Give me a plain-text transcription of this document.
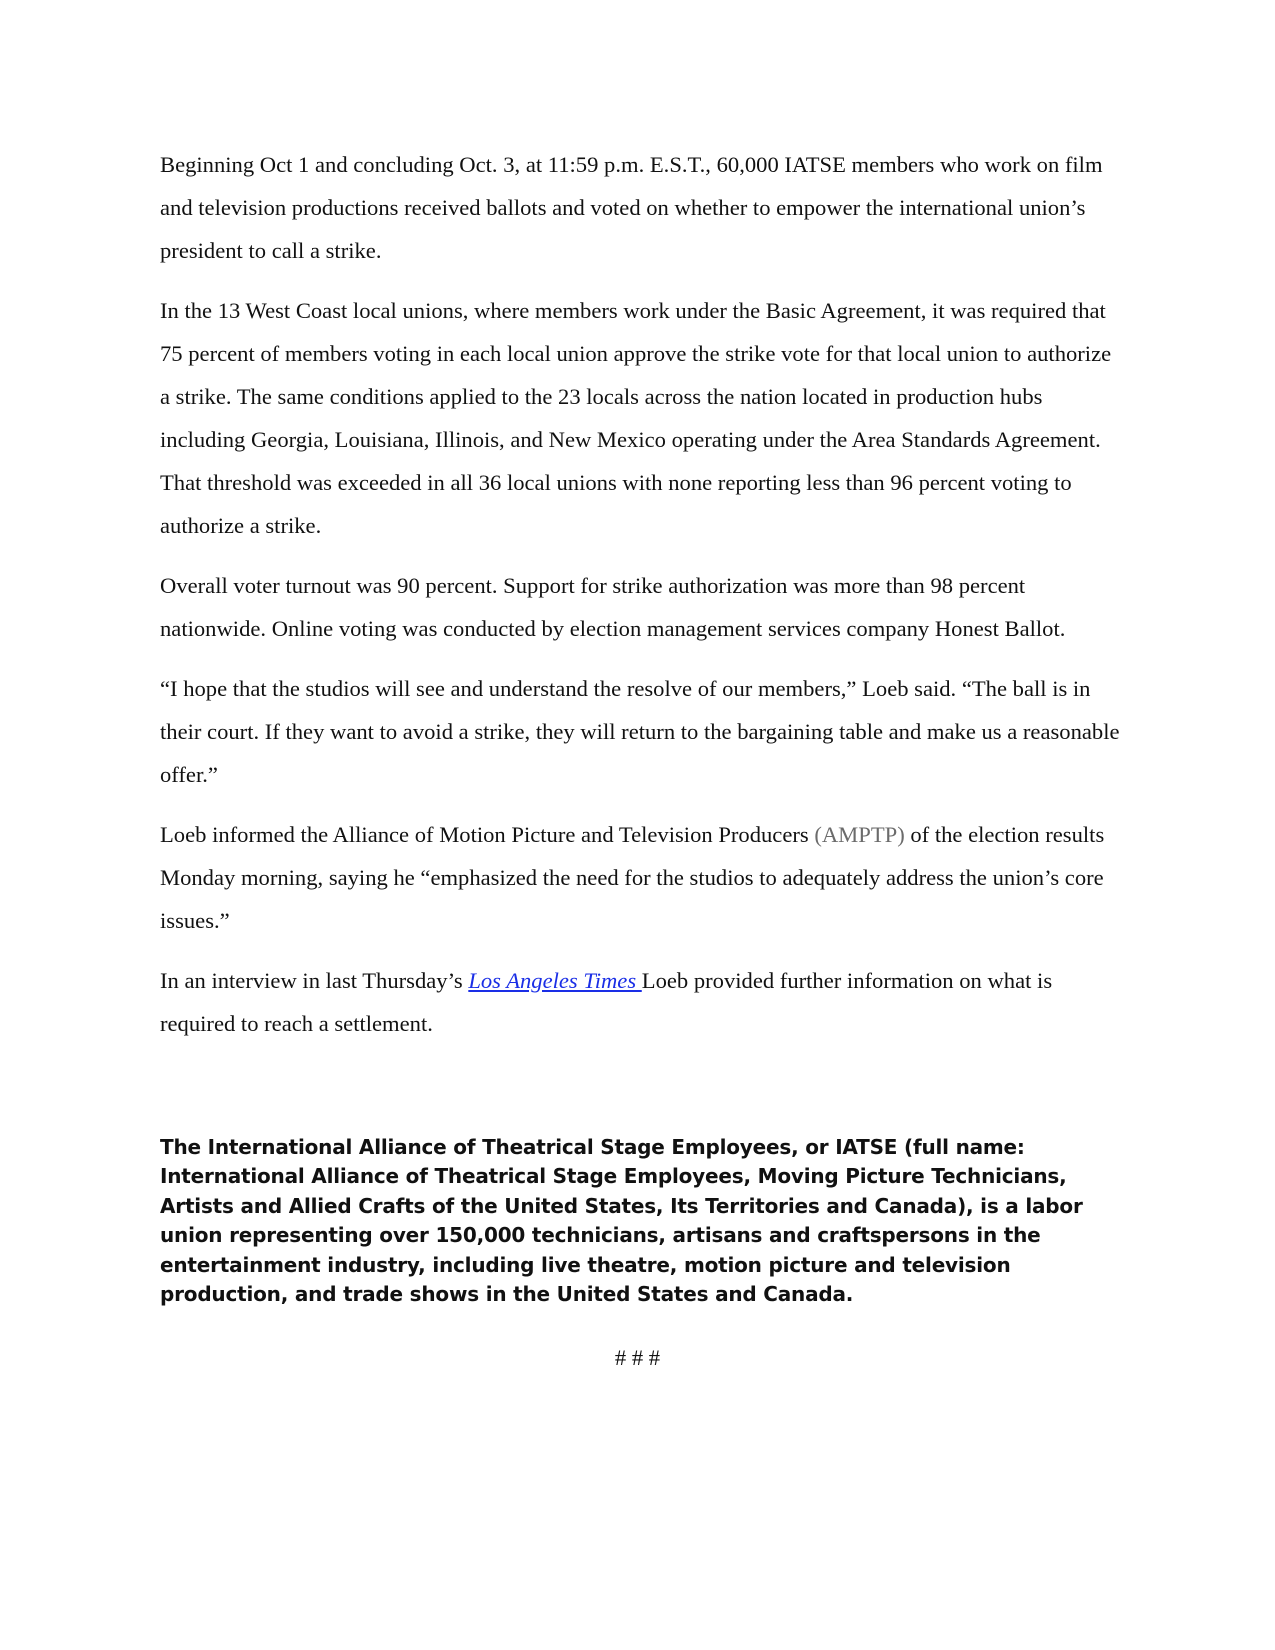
Beginning Oct 1 and concluding Oct. 3, at 11:59 p.m. E.S.T., 60,000 IATSE members who work on film and television productions received ballots and voted on whether to empower the international union’s president to call a strike.

In the 13 West Coast local unions, where members work under the Basic Agreement, it was required that 75 percent of members voting in each local union approve the strike vote for that local union to authorize a strike. The same conditions applied to the 23 locals across the nation located in production hubs including Georgia, Louisiana, Illinois, and New Mexico operating under the Area Standards Agreement. That threshold was exceeded in all 36 local unions with none reporting less than 96 percent voting to authorize a strike.

Overall voter turnout was 90 percent. Support for strike authorization was more than 98 percent nationwide. Online voting was conducted by election management services company Honest Ballot.

“I hope that the studios will see and understand the resolve of our members,” Loeb said. “The ball is in their court. If they want to avoid a strike, they will return to the bargaining table and make us a reasonable offer.”

Loeb informed the Alliance of Motion Picture and Television Producers (AMPTP) of the election results Monday morning, saying he “emphasized the need for the studios to adequately address the union’s core issues.”

In an interview in last Thursday’s Los Angeles Times Loeb provided further information on what is required to reach a settlement.

The International Alliance of Theatrical Stage Employees, or IATSE (full name: International Alliance of Theatrical Stage Employees, Moving Picture Technicians, Artists and Allied Crafts of the United States, Its Territories and Canada), is a labor union representing over 150,000 technicians, artisans and craftspersons in the entertainment industry, including live theatre, motion picture and television production, and trade shows in the United States and Canada.
# # #
